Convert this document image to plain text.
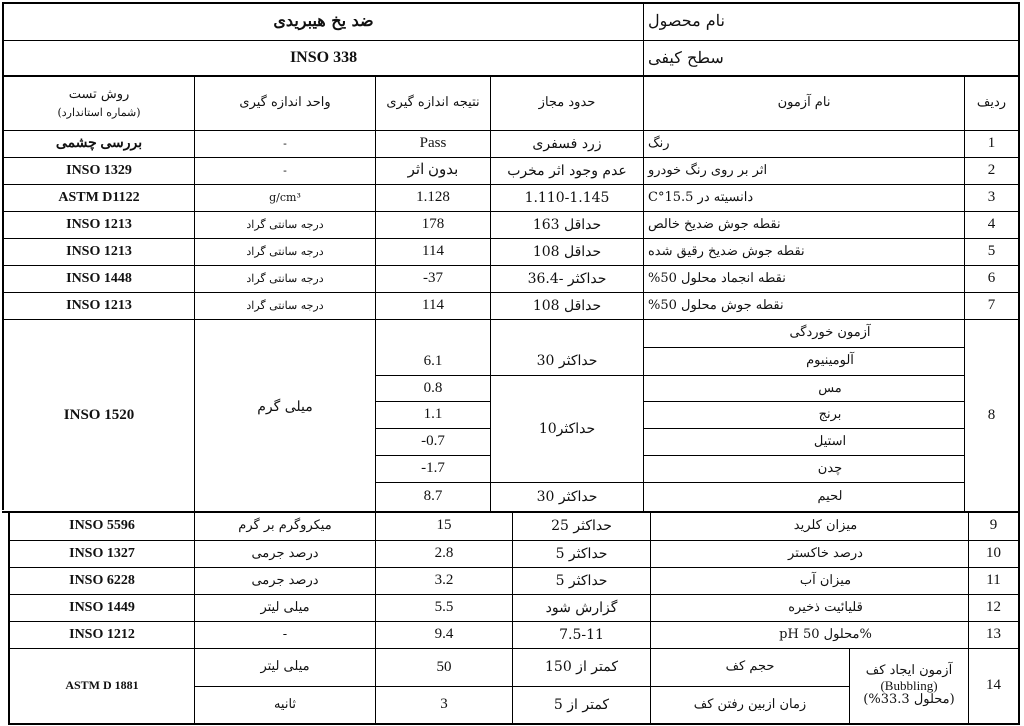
نام محصول
ضد یخ هیبریدی
سطح کیفی
INSO 338
ردیف
نام آزمون
حدود مجاز
نتیجه اندازه گیری
واحد اندازه گیری
روش تست
(شماره استاندارد)
1
رنگ
زرد فسفری
Pass
-
بررسی چشمی
2
اثر بر روی رنگ خودرو
عدم وجود اثر مخرب
بدون اثر
-
INSO 1329
3
دانسیته در 15.5°C
1.110-1.145
1.128
g/cm³
ASTM D1122
4
نقطه جوش ضدیخ خالص
حداقل 163
178
درجه سانتی گراد
INSO 1213
5
نقطه جوش ضدیخ رقیق شده
حداقل 108
114
درجه سانتی گراد
INSO 1213
6
نقطه انجماد محلول 50%
حداکثر -36.4
-37
درجه سانتی گراد
INSO 1448
7
نقطه جوش محلول 50%
حداقل 108
114
درجه سانتی گراد
INSO 1213
8
آزمون خوردگی
INSO 1520	میلی گرم
حداکثر 30
حداکثر10
حداکثر 30
آلومینیوم
6.1
مس
0.8
برنج
1.1
استیل
-0.7
چدن
-1.7
لحیم
8.7
9
میزان کلرید
حداکثر 25
15
میکروگرم بر گرم
INSO 5596
10
درصد خاکستر
حداکثر 5
2.8
درصد جرمی
INSO 1327
11
میزان آب
حداکثر 5
3.2
درصد جرمی
INSO 6228
12
قلیائیت ذخیره
گزارش شود
5.5
میلی لیتر
INSO 1449
13
pH محلول 50%
7.5-11
9.4
-
INSO 1212
14
آزمون ایجاد کف
(Bubbling)
(محلول 33.3%)
ASTM D 1881
حجم کف
کمتر از 150
50
میلی لیتر
زمان ازبین رفتن کف
کمتر از 5
3
ثانیه
